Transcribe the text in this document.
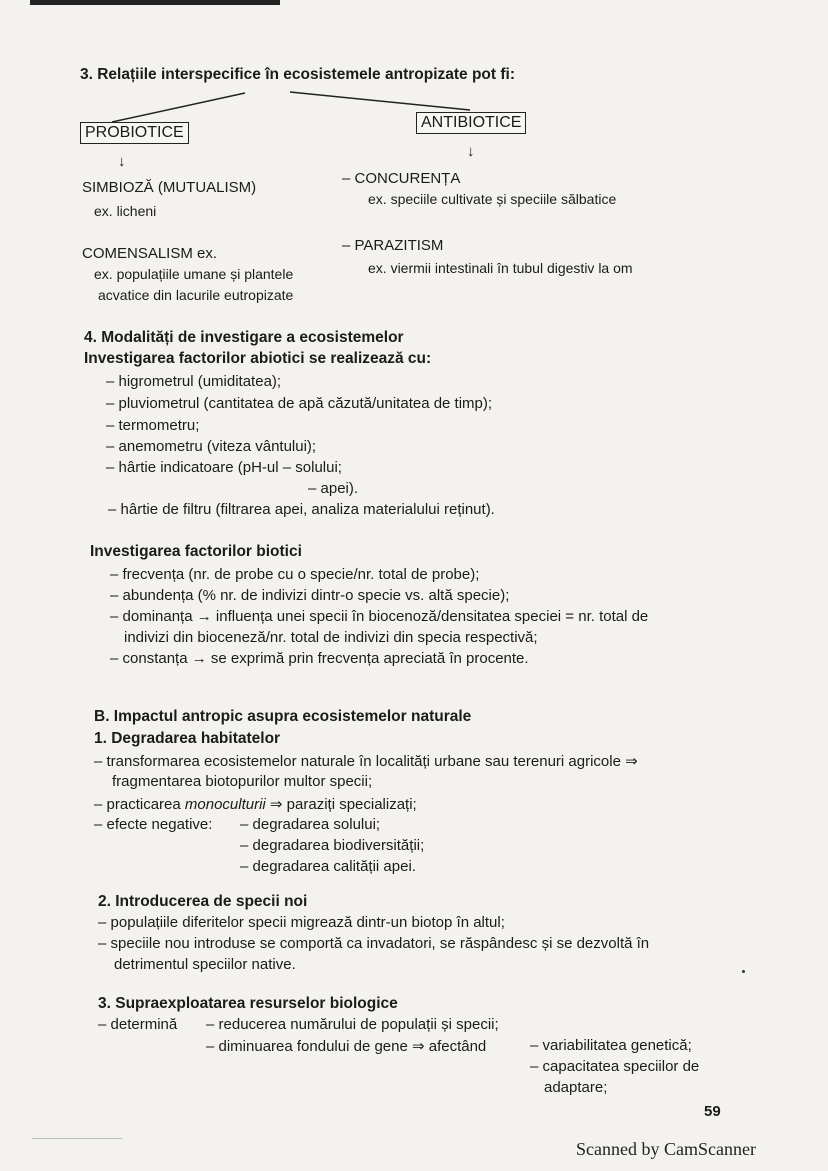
3. Relațiile interspecifice în ecosistemele antropizate pot fi:
PROBIOTICE
ANTIBIOTICE
↓
↓
SIMBIOZĂ (MUTUALISM)
ex. licheni
– CONCURENȚA
ex. speciile cultivate și speciile sălbatice
COMENSALISM ex.
ex. populațiile umane și plantele
acvatice din lacurile eutropizate
– PARAZITISM
ex. viermii intestinali în tubul digestiv la om
4. Modalități de investigare a ecosistemelor
Investigarea factorilor abiotici se realizează cu:
– higrometrul (umiditatea);
– pluviometrul (cantitatea de apă căzută/unitatea de timp);
– termometru;
– anemometru (viteza vântului);
– hârtie indicatoare (pH-ul – solului;
– apei).
– hârtie de filtru (filtrarea apei, analiza materialului reținut).
Investigarea factorilor biotici
– frecvența (nr. de probe cu o specie/nr. total de probe);
– abundența (% nr. de indivizi dintr-o specie vs. altă specie);
– dominanța → influența unei specii în biocenoză/densitatea speciei = nr. total de
indivizi din bioceneză/nr. total de indivizi din specia respectivă;
– constanța → se exprimă prin frecvența apreciată în procente.
B. Impactul antropic asupra ecosistemelor naturale
1. Degradarea habitatelor
– transformarea ecosistemelor naturale în localități urbane sau terenuri agricole ⇒
fragmentarea biotopurilor multor specii;
– practicarea monoculturii ⇒ paraziți specializați;
– efecte negative: – degradarea solului;
– degradarea biodiversității;
– degradarea calității apei.
2. Introducerea de specii noi
– populațiile diferitelor specii migrează dintr-un biotop în altul;
– speciile nou introduse se comportă ca invadatori, se răspândesc și se dezvoltă în
detrimentul speciilor native.
3. Supraexploatarea resurselor biologice
– determină – reducerea numărului de populații și specii;
– diminuarea fondului de gene ⇒ afectând	– variabilitatea genetică;
– capacitatea speciilor de
adaptare;
59
Scanned by CamScanner
